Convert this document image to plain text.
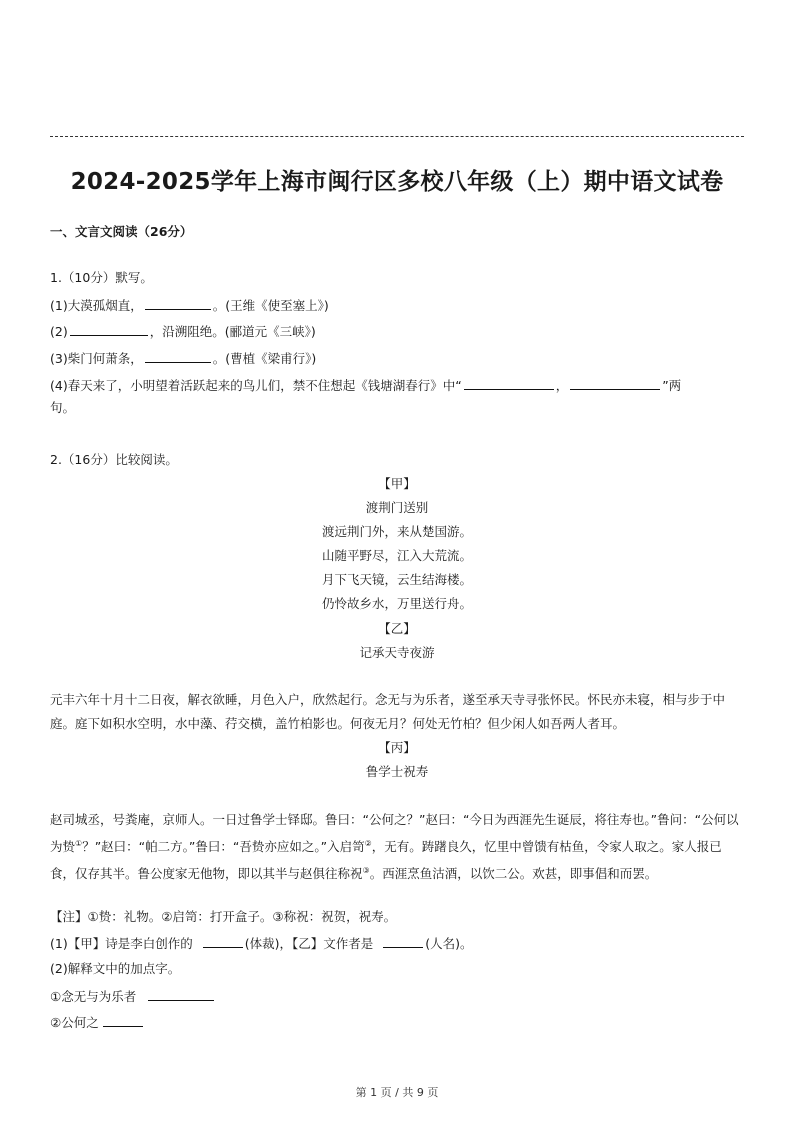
2024-2025学年上海市闽行区多校八年级（上）期中语文试卷
一、文言文阅读（26分）
1.（10分）默写。
(1)大漠孤烟直，	。(王维《使至塞上》)
(2)	，沿溯阻绝。(郦道元《三峡》)
(3)柴门何萧条，	。(曹植《梁甫行》)
(4)春天来了，小明望着活跃起来的鸟儿们，禁不住想起《钱塘湖春行》中“	，	”两
句。
2.（16分）比较阅读。
【甲】
渡荆门送别
渡远荆门外，来从楚国游。
山随平野尽，江入大荒流。
月下飞天镜，云生结海楼。
仍怜故乡水，万里送行舟。
【乙】
记承天寺夜游
元丰六年十月十二日夜，解衣欲睡，月色入户，欣然起行。念无与为乐者，遂至承天寺寻张怀民。怀民亦未寝，相与步于中庭。庭下如积水空明，水中藻、荇交横，盖竹柏影也。何夜无月？何处无竹柏？但少闲人如吾两人者耳。
【丙】
鲁学士祝寿
赵司城丞，号粪庵，京师人。一日过鲁学士铎邸。鲁曰：“公何之？”赵曰：“今日为西涯先生诞辰，将往寿也。”鲁问：“公何以为贽①？”赵曰：“帕二方。”鲁曰：“吾贽亦应如之。”入启笥②，无有。踌躇良久，忆里中曾馈有枯鱼，令家人取之。家人报已食，仅存其半。鲁公度家无他物，即以其半与赵俱往称祝③。西涯烹鱼沽酒，以饮二公。欢甚，即事倡和而罢。
【注】①贽：礼物。②启笥：打开盒子。③称祝：祝贺，祝寿。
(1)【甲】诗是李白创作的	(体裁)，【乙】文作者是	(人名)。
(2)解释文中的加点字。
①念无与为乐者
②公何之
第 1 页 / 共 9 页
